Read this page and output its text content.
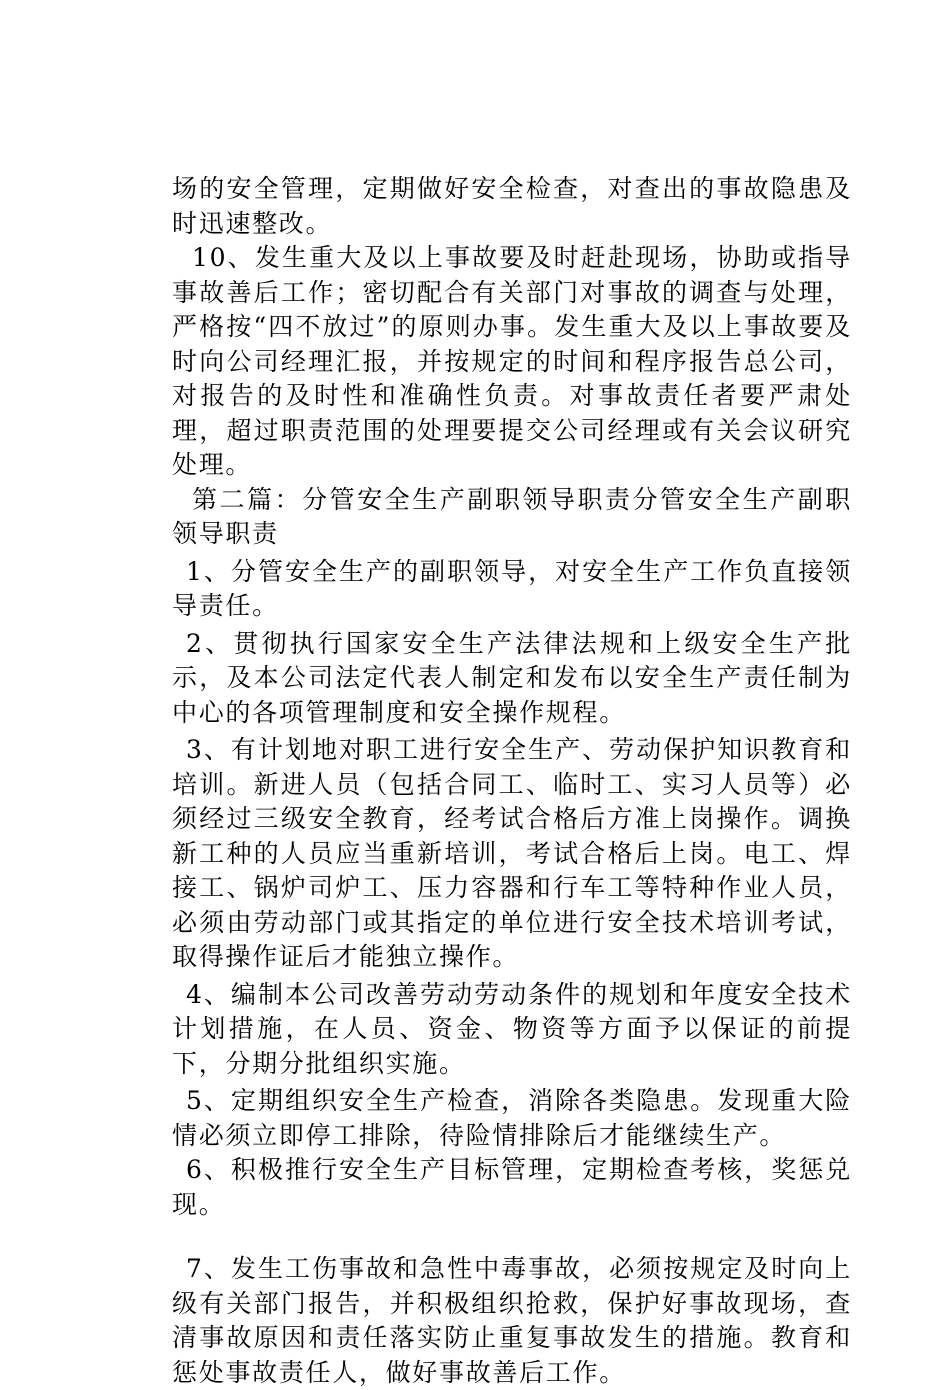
场的安全管理，定期做好安全检查，对查出的事故隐患及时迅速整改。

10、发生重大及以上事故要及时赶赴现场，协助或指导事故善后工作；密切配合有关部门对事故的调查与处理，严格按“四不放过”的原则办事。发生重大及以上事故要及时向公司经理汇报，并按规定的时间和程序报告总公司，对报告的及时性和准确性负责。对事故责任者要严肃处理，超过职责范围的处理要提交公司经理或有关会议研究处理。

第二篇：分管安全生产副职领导职责分管安全生产副职领导职责

1、分管安全生产的副职领导，对安全生产工作负直接领导责任。

2、贯彻执行国家安全生产法律法规和上级安全生产批示，及本公司法定代表人制定和发布以安全生产责任制为中心的各项管理制度和安全操作规程。

3、有计划地对职工进行安全生产、劳动保护知识教育和培训。新进人员（包括合同工、临时工、实习人员等）必须经过三级安全教育，经考试合格后方准上岗操作。调换新工种的人员应当重新培训，考试合格后上岗。电工、焊接工、锅炉司炉工、压力容器和行车工等特种作业人员，必须由劳动部门或其指定的单位进行安全技术培训考试，取得操作证后才能独立操作。

4、编制本公司改善劳动劳动条件的规划和年度安全技术计划措施，在人员、资金、物资等方面予以保证的前提下，分期分批组织实施。

5、定期组织安全生产检查，消除各类隐患。发现重大险情必须立即停工排除，待险情排除后才能继续生产。

6、积极推行安全生产目标管理，定期检查考核，奖惩兑现。

7、发生工伤事故和急性中毒事故，必须按规定及时向上级有关部门报告，并积极组织抢救，保护好事故现场，查清事故原因和责任落实防止重复事故发生的措施。教育和惩处事故责任人，做好事故善后工作。
